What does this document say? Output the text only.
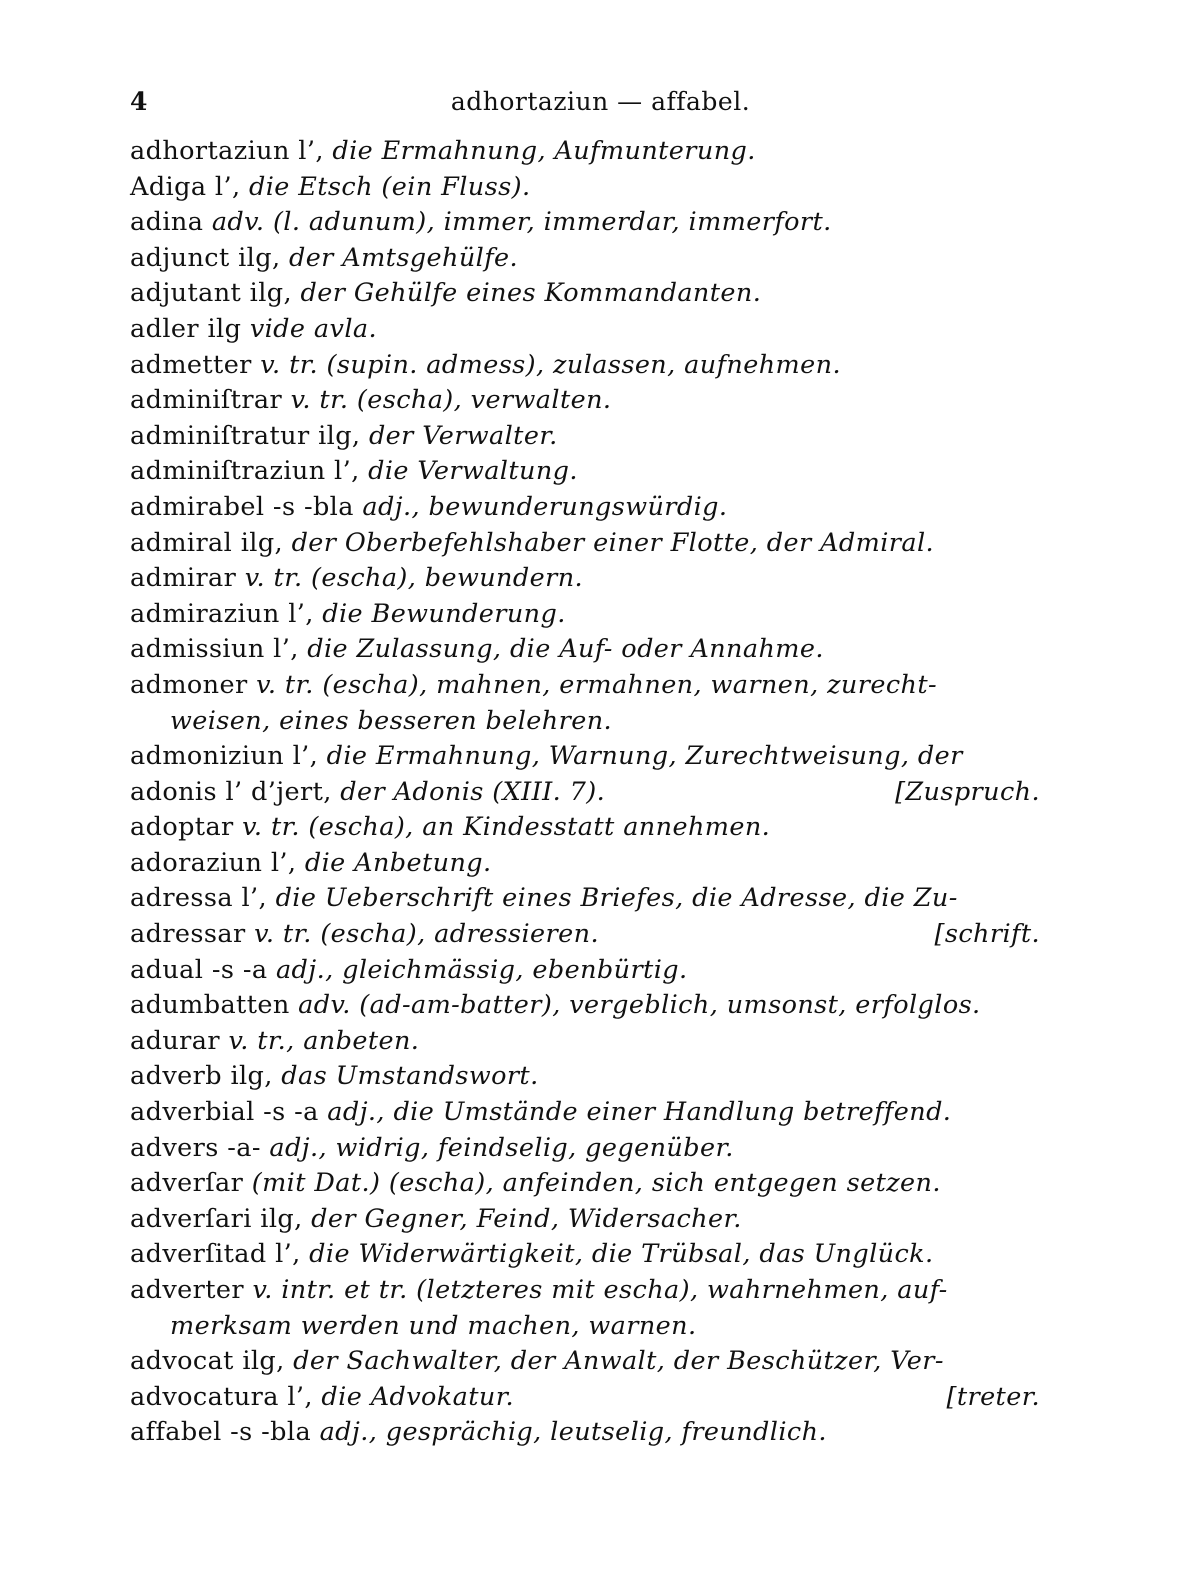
4	adhortaziun — affabel.
adhortaziun l’, die Ermahnung, Aufmunterung.
Adiga l’, die Etsch (ein Fluss).
adina adv. (l. adunum), immer, immerdar, immerfort.
adjunct ilg, der Amtsgehülfe.
adjutant ilg, der Gehülfe eines Kommandanten.
adler ilg vide avla.
admetter v. tr. (supin. admess), zulassen, aufnehmen.
adminiſtrar v. tr. (escha), verwalten.
adminiſtratur ilg, der Verwalter.
adminiſtraziun l’, die Verwaltung.
admirabel -s -bla adj., bewunderungswürdig.
admiral ilg, der Oberbefehlshaber einer Flotte, der Admiral.
admirar v. tr. (escha), bewundern.
admiraziun l’, die Bewunderung.
admissiun l’, die Zulassung, die Auf- oder Annahme.
admoner v. tr. (escha), mahnen, ermahnen, warnen, zurecht-
weisen, eines besseren belehren.
admoniziun l’, die Ermahnung, Warnung, Zurechtweisung, der
adonis l’ d’jert, der Adonis (XIII. 7).	[Zuspruch.
adoptar v. tr. (escha), an Kindesstatt annehmen.
adoraziun l’, die Anbetung.
adressa l’, die Ueberschrift eines Briefes, die Adresse, die Zu-
adressar v. tr. (escha), adressieren.	[schrift.
adual -s -a adj., gleichmässig, ebenbürtig.
adumbatten adv. (ad-am-batter), vergeblich, umsonst, erfolglos.
adurar v. tr., anbeten.
adverb ilg, das Umstandswort.
adverbial -s -a adj., die Umstände einer Handlung betreffend.
advers -a- adj., widrig, feindselig, gegenüber.
adverſar (mit Dat.) (escha), anfeinden, sich entgegen setzen.
adverſari ilg, der Gegner, Feind, Widersacher.
adverſitad l’, die Widerwärtigkeit, die Trübsal, das Unglück.
adverter v. intr. et tr. (letzteres mit escha), wahrnehmen, auf-
merksam werden und machen, warnen.
advocat ilg, der Sachwalter, der Anwalt, der Beschützer, Ver-
advocatura l’, die Advokatur.	[treter.
affabel -s -bla adj., gesprächig, leutselig, freundlich.
